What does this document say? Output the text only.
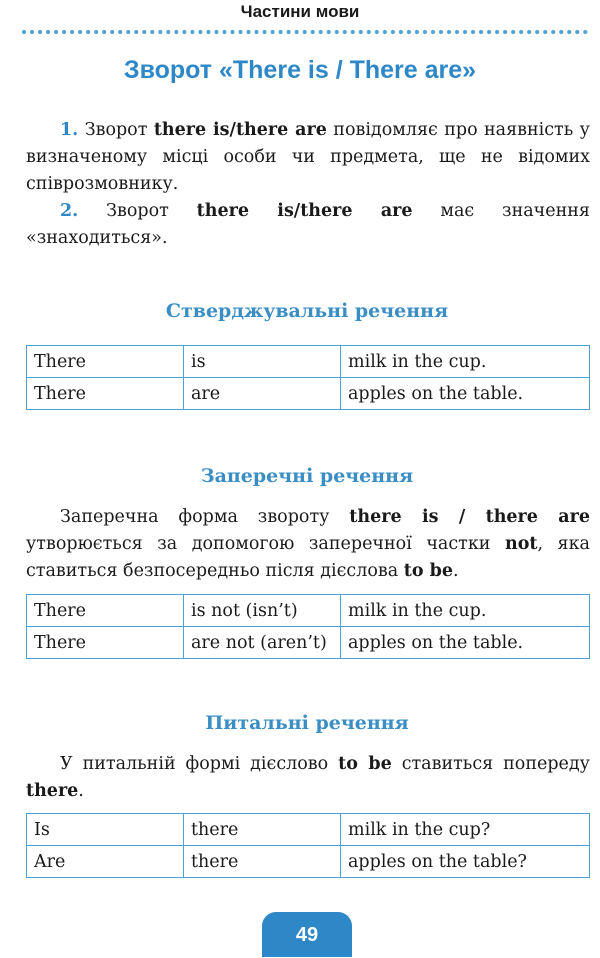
Частини мови
Зворот «There is / There are»
1. Зворот there is/there are повідомляє про наявність у визначеному місці особи чи предмета, ще не відомих співрозмовнику.
2. Зворот there is/there are має значення «знаходиться».
Стверджувальні речення
There	is	milk in the cup.
There	are	apples on the table.
Заперечні речення
Заперечна форма звороту there is / there are утворюється за допомогою заперечної частки not, яка ставиться безпосередньо після дієслова to be.
There	is not (isn’t)	milk in the cup.
There	are not (aren’t)	apples on the table.
Питальні речення
У питальній формі дієслово to be ставиться попереду there.
Is	there	milk in the cup?
Are	there	apples on the table?
49
